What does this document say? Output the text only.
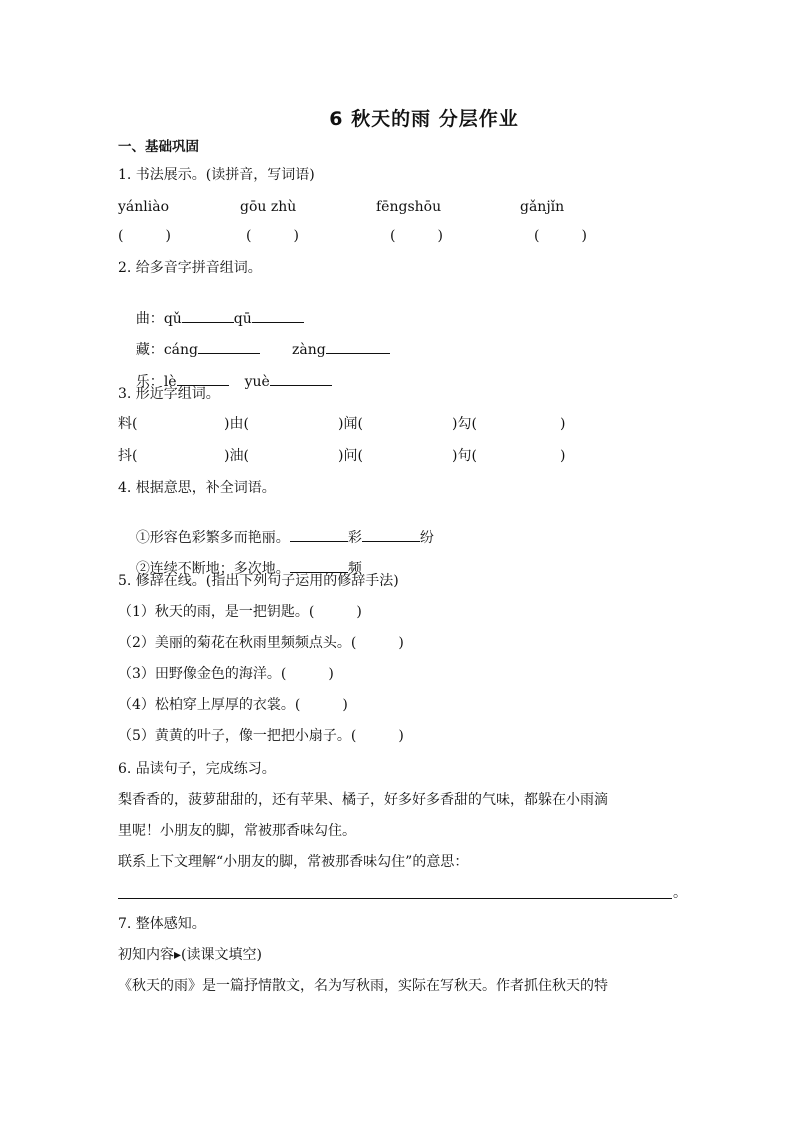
6 秋天的雨 分层作业
一、基础巩固
1. 书法展示。(读拼音，写词语)
yánliào	gōu zhù	fēngshōu	gǎnjǐn
(　　　)	(　　　)	(　　　)	(　　　)
2. 给多音字拼音组词。

曲：qǔ	qū

藏：cáng	zàng

乐：lè	yuè

3. 形近字组词。
料(	)由(	)闻(	)勾(	)
抖(	)油(	)问(	)句(	)
4. 根据意思，补全词语。

①形容色彩繁多而艳丽。	彩	纷

②连续不断地；多次地。	频

5. 修辞在线。(指出下列句子运用的修辞手法)
（1）秋天的雨，是一把钥匙。(　　　)
（2）美丽的菊花在秋雨里频频点头。(　　　)
（3）田野像金色的海洋。(　　　)
（4）松柏穿上厚厚的衣裳。(　　　)
（5）黄黄的叶子，像一把把小扇子。(　　　)
6. 品读句子，完成练习。
梨香香的，菠萝甜甜的，还有苹果、橘子，好多好多香甜的气味，都躲在小雨滴
里呢！小朋友的脚，常被那香味勾住。
联系上下文理解“小朋友的脚，常被那香味勾住”的意思：
。
7. 整体感知。
初知内容▸(读课文填空)
《秋天的雨》是一篇抒情散文，名为写秋雨，实际在写秋天。作者抓住秋天的特
